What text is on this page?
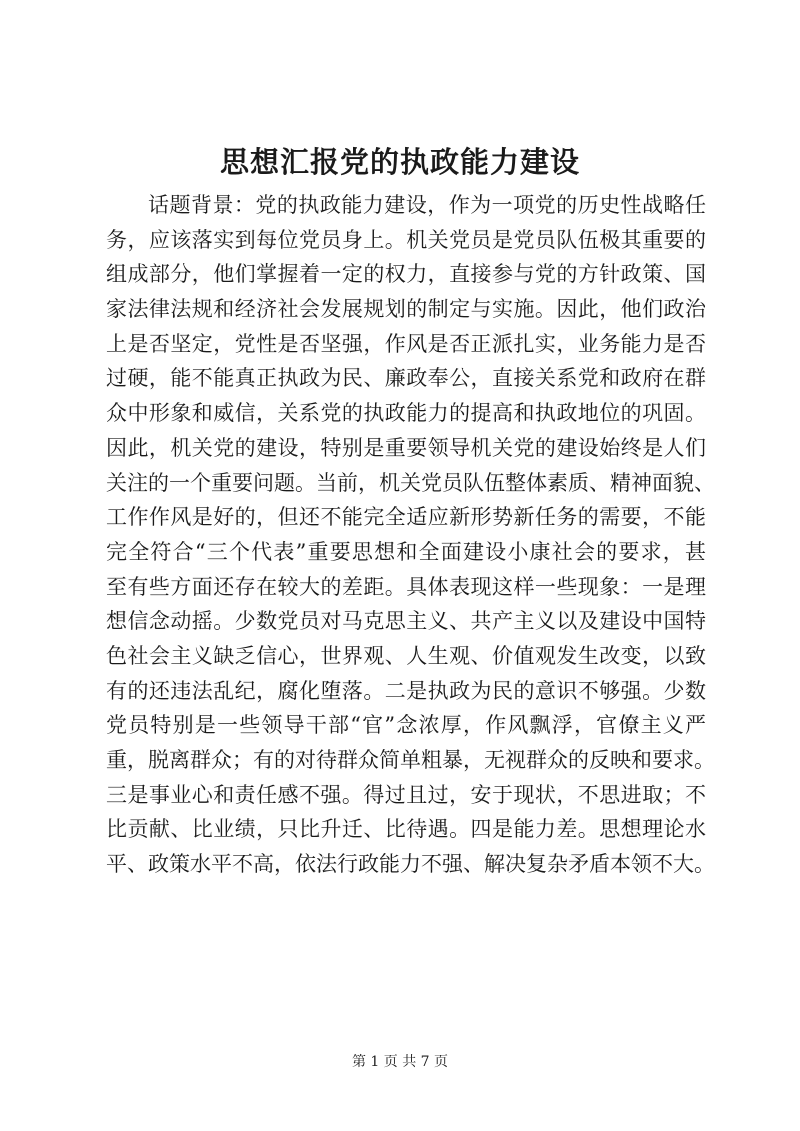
思想汇报党的执政能力建设
话题背景：党的执政能力建设，作为一项党的历史性战略任
务，应该落实到每位党员身上。机关党员是党员队伍极其重要的
组成部分，他们掌握着一定的权力，直接参与党的方针政策、国
家法律法规和经济社会发展规划的制定与实施。因此，他们政治
上是否坚定，党性是否坚强，作风是否正派扎实，业务能力是否
过硬，能不能真正执政为民、廉政奉公，直接关系党和政府在群
众中形象和威信，关系党的执政能力的提高和执政地位的巩固。
因此，机关党的建设，特别是重要领导机关党的建设始终是人们
关注的一个重要问题。当前，机关党员队伍整体素质、精神面貌、
工作作风是好的，但还不能完全适应新形势新任务的需要，不能
完全符合“三个代表”重要思想和全面建设小康社会的要求，甚
至有些方面还存在较大的差距。具体表现这样一些现象：一是理
想信念动摇。少数党员对马克思主义、共产主义以及建设中国特
色社会主义缺乏信心，世界观、人生观、价值观发生改变，以致
有的还违法乱纪，腐化堕落。二是执政为民的意识不够强。少数
党员特别是一些领导干部“官”念浓厚，作风飘浮，官僚主义严
重，脱离群众；有的对待群众简单粗暴，无视群众的反映和要求。
三是事业心和责任感不强。得过且过，安于现状，不思进取；不
比贡献、比业绩，只比升迁、比待遇。四是能力差。思想理论水
平、政策水平不高，依法行政能力不强、解决复杂矛盾本领不大。
第 1 页 共 7 页
